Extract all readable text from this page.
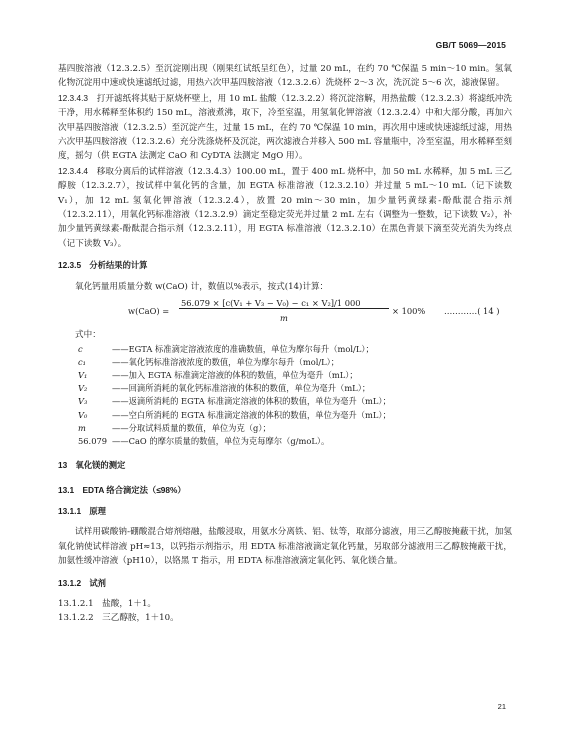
GB/T 5069—2015

基四胺溶液（12.3.2.5）至沉淀刚出现（刚果红试纸呈红色），过量 20 mL，在约 70 ℃保温 5 min～10 min。氢氧化物沉淀用中速或快速滤纸过滤，用热六次甲基四胺溶液（12.3.2.6）洗烧杯 2～3 次，洗沉淀 5～6 次，滤液保留。

12.3.4.3　 打开滤纸将其贴于原烧杯壁上，用 10 mL 盐酸（12.3.2.2）将沉淀溶解，用热盐酸（12.3.2.3）将滤纸冲洗干净，用水稀释至体积约 150 mL，溶液煮沸，取下，冷至室温，用氢氧化钾溶液（12.3.2.4）中和大部分酸，再加六次甲基四胺溶液（12.3.2.5）至沉淀产生，过量 15 mL，在约 70 ℃保温 10 min，再次用中速或快速滤纸过滤，用热六次甲基四胺溶液（12.3.2.6）充分洗涤烧杯及沉淀，两次滤液合并移入 500 mL 容量瓶中，冷至室温，用水稀释至刻度，摇匀（供 EGTA 法测定 CaO 和 CyDTA 法测定 MgO 用）。

12.3.4.4　 移取分离后的试样溶液（12.3.4.3）100.00 mL，置于 400 mL 烧杯中，加 50 mL 水稀释，加 5 mL 三乙醇胺（12.3.2.7），按试样中氧化钙的含量，加 EGTA 标准溶液（12.3.2.10）并过量 5 mL～10 mL（记下读数 V₁），加 12 mL 氢氧化钾溶液（12.3.2.4），放置 20 min～30 min，加少量钙黄绿素-酚酞混合指示剂（12.3.2.11），用氧化钙标准溶液（12.3.2.9）滴定至稳定荧光并过量 2 mL 左右（调整为一整数，记下读数 V₂），补加少量钙黄绿素-酚酞混合指示剂（12.3.2.11），用 EGTA 标准溶液（12.3.2.10）在黑色背景下滴至荧光消失为终点（记下读数 V₃）。

12.3.5　 分析结果的计算

氧化钙量用质量分数 w(CaO) 计，数值以%表示，按式(14)计算：

w(CaO) =
56.079 × [c(V₁ + V₃ − V₀) − c₁ × V₂]/1 000
m
× 100% …………( 14 )

式中：

c	——EGTA 标准滴定溶液浓度的准确数值，单位为摩尔每升（mol/L）；
c₁	——氧化钙标准溶液浓度的数值，单位为摩尔每升（mol/L）；
V₁	——加入 EGTA 标准滴定溶液的体积的数值，单位为毫升（mL）；
V₂	——回滴所消耗的氧化钙标准溶液的体积的数值，单位为毫升（mL）；
V₃	——返滴所消耗的 EGTA 标准滴定溶液的体积的数值，单位为毫升（mL）；
V₀	——空白所消耗的 EGTA 标准滴定溶液的体积的数值，单位为毫升（mL）；
m	——分取试料质量的数值，单位为克（g）；
56.079 ——CaO 的摩尔质量的数值，单位为克每摩尔（g/moL）。

13　氧化镁的测定

13.1　EDTA 络合滴定法（≤98%）

13.1.1　原理

试样用碳酸钠-硼酸混合熔剂熔融，盐酸浸取，用氨水分离铁、铝、钛等，取部分滤液，用三乙醇胺掩蔽干扰，加氢氧化钠使试样溶液 pH≈13，以钙指示剂指示，用 EDTA 标准溶液滴定氧化钙量，另取部分滤液用三乙醇胺掩蔽干扰，加氨性缓冲溶液（pH10），以铬黑 T 指示，用 EDTA 标准溶液滴定氧化钙、氧化镁合量。

13.1.2　试剂

13.1.2.1　盐酸，1＋1。

13.1.2.2　三乙醇胺，1＋10。

21
